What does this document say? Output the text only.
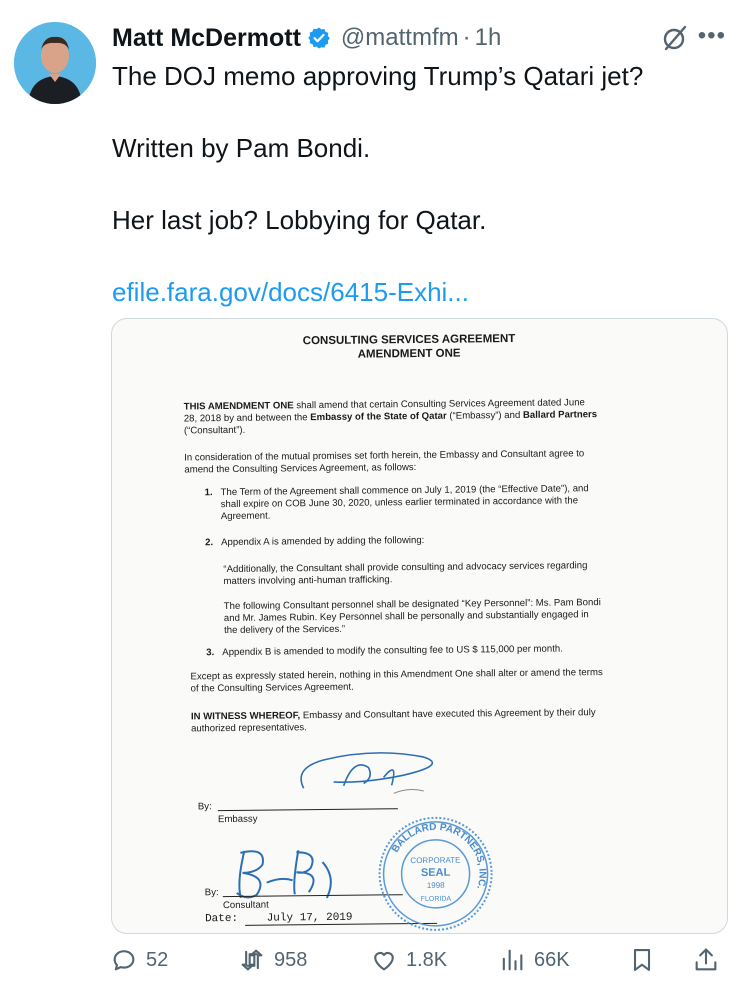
Matt McDermott @mattmfm · 1h	•••

The DOJ memo approving Trump’s Qatari jet?

Written by Pam Bondi.

Her last job? Lobbying for Qatar.

efile.fara.gov/docs/6415-Exhi...

CONSULTING SERVICES AGREEMENT
AMENDMENT ONE
THIS AMENDMENT ONE shall amend that certain Consulting Services Agreement dated June
28, 2018 by and between the Embassy of the State of Qatar (“Embassy”) and Ballard Partners
(“Consultant”).
In consideration of the mutual promises set forth herein, the Embassy and Consultant agree to
amend the Consulting Services Agreement, as follows:
1. The Term of the Agreement shall commence on July 1, 2019 (the “Effective Date”), and
shall expire on COB June 30, 2020, unless earlier terminated in accordance with the
Agreement.
2. Appendix A is amended by adding the following:
“Additionally, the Consultant shall provide consulting and advocacy services regarding
matters involving anti-human trafficking.
The following Consultant personnel shall be designated “Key Personnel”: Ms. Pam Bondi
and Mr. James Rubin. Key Personnel shall be personally and substantially engaged in
the delivery of the Services.”
3. Appendix B is amended to modify the consulting fee to US $ 115,000 per month.
Except as expressly stated herein, nothing in this Amendment One shall alter or amend the terms
of the Consulting Services Agreement.
IN WITNESS WHEREOF, Embassy and Consultant have executed this Agreement by their duly
authorized representatives.
By:
Embassy
By:
Consultant
Date:	July 17, 2019
BALLARD PARTNERS, INC.
CORPORATE
SEAL
1998
FLORIDA
52	958	1.8K	66K
